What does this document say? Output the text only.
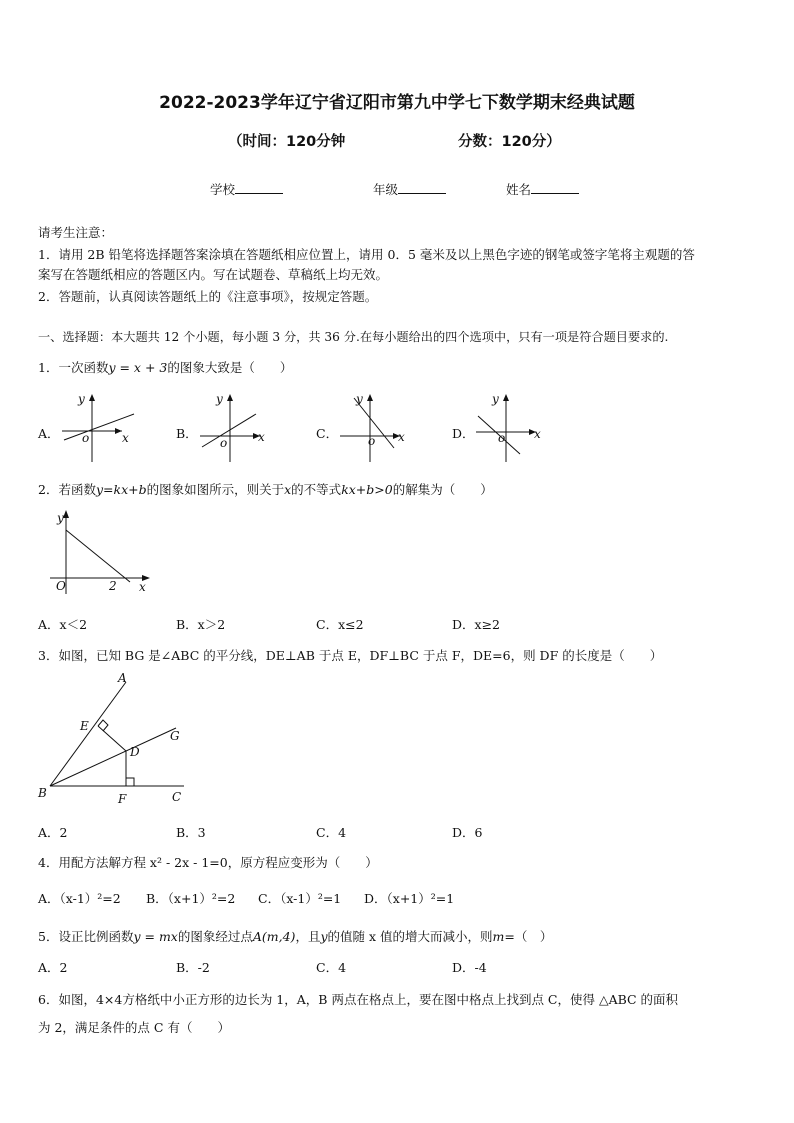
2022-2023学年辽宁省辽阳市第九中学七下数学期末经典试题
（时间：120分钟	分数：120分）
学校	年级	姓名
请考生注意：
1．请用 2B 铅笔将选择题答案涂填在答题纸相应位置上，请用 0．5 毫米及以上黑色字迹的钢笔或签字笔将主观题的答
案写在答题纸相应的答题区内。写在试题卷、草稿纸上均无效。
2．答题前，认真阅读答题纸上的《注意事项》，按规定答题。
一、选择题：本大题共 12 个小题，每小题 3 分，共 36 分.在每小题给出的四个选项中，只有一项是符合题目要求的.
1．一次函数y = x + 3的图象大致是（　　）
A．
y
x
o	B．
y
x
o
C．
y
x
o	D．
y
x
o
2．若函数y=kx+b的图象如图所示，则关于x的不等式kx+b>0的解集为（　　）
y
x
O	2
A．x＜2	B．x＞2	C．x≤2	D．x≥2
3．如图，已知 BG 是∠ABC 的平分线，DE⊥AB 于点 E，DF⊥BC 于点 F，DE=6，则 DF 的长度是（　　）
A
E
D
G
B	F	C
A．2	B．3	C．4	D．6
4．用配方法解方程 x² - 2x - 1=0，原方程应变形为（　　）
A．（x-1）²=2 B．（x+1）²=2 C．（x-1）²=1 D．（x+1）²=1
5．设正比例函数y = mx的图象经过点A(m,4)，且y的值随 x 值的增大而减小，则m=（　）
A．2	B．-2	C．4	D．-4
6．如图，4×4方格纸中小正方形的边长为 1，A，B 两点在格点上，要在图中格点上找到点 C，使得 △ABC 的面积
为 2，满足条件的点 C 有（　　）
